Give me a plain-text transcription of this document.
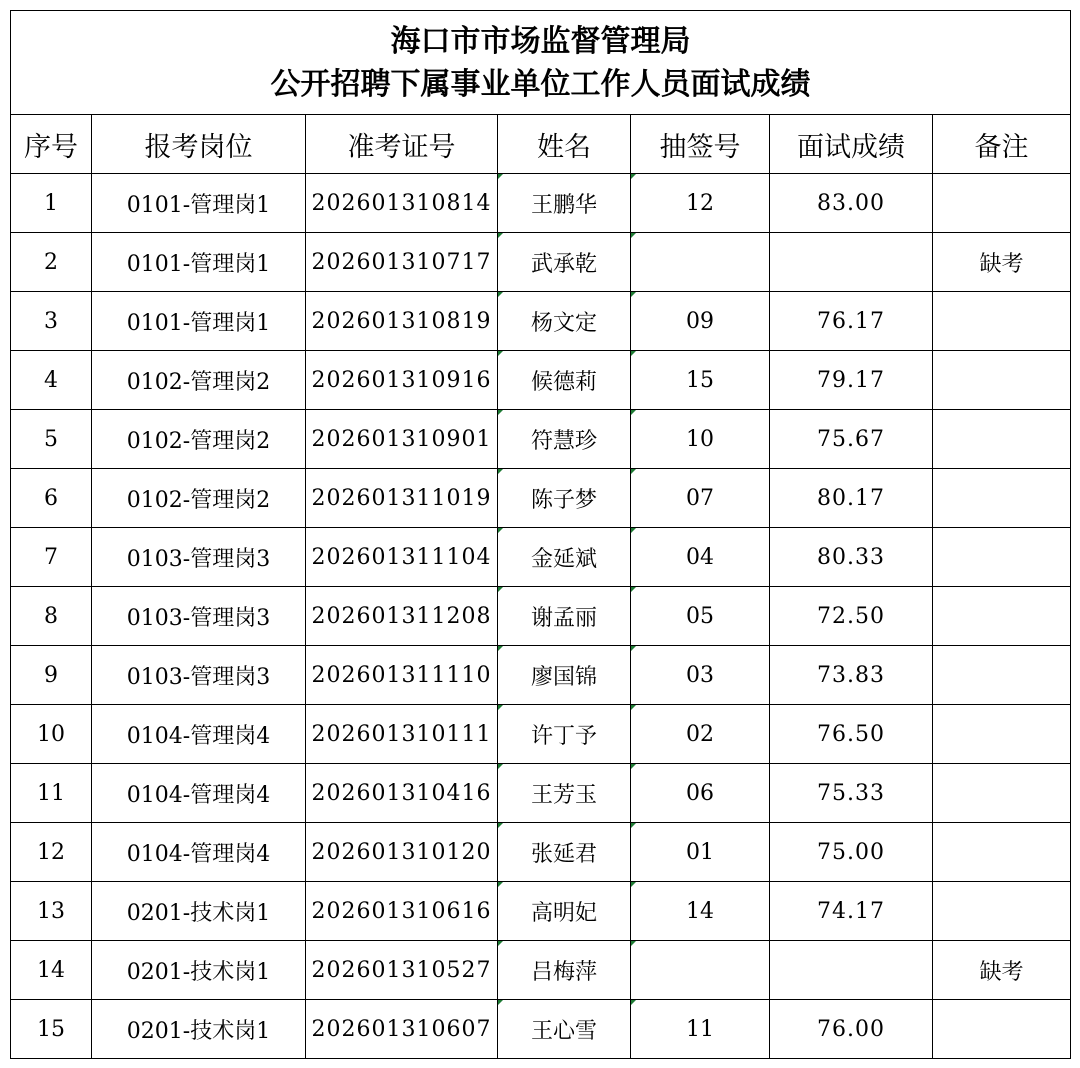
海口市市场监督管理局
公开招聘下属事业单位工作人员面试成绩						

序号	报考岗位	准考证号	姓名	抽签号	面试成绩	备注
1	0101-管理岗1	202601310814	王鹏华	12	83.00	
2	0101-管理岗1	202601310717	武承乾			缺考
3	0101-管理岗1	202601310819	杨文定	09	76.17	
4	0102-管理岗2	202601310916	候德莉	15	79.17	
5	0102-管理岗2	202601310901	符慧珍	10	75.67	
6	0102-管理岗2	202601311019	陈子梦	07	80.17	
7	0103-管理岗3	202601311104	金延斌	04	80.33	
8	0103-管理岗3	202601311208	谢孟丽	05	72.50	
9	0103-管理岗3	202601311110	廖国锦	03	73.83	
10	0104-管理岗4	202601310111	许丁予	02	76.50	
11	0104-管理岗4	202601310416	王芳玉	06	75.33	
12	0104-管理岗4	202601310120	张延君	01	75.00	
13	0201-技术岗1	202601310616	高明妃	14	74.17	
14	0201-技术岗1	202601310527	吕梅萍			缺考
15	0201-技术岗1	202601310607	王心雪	11	76.00	
